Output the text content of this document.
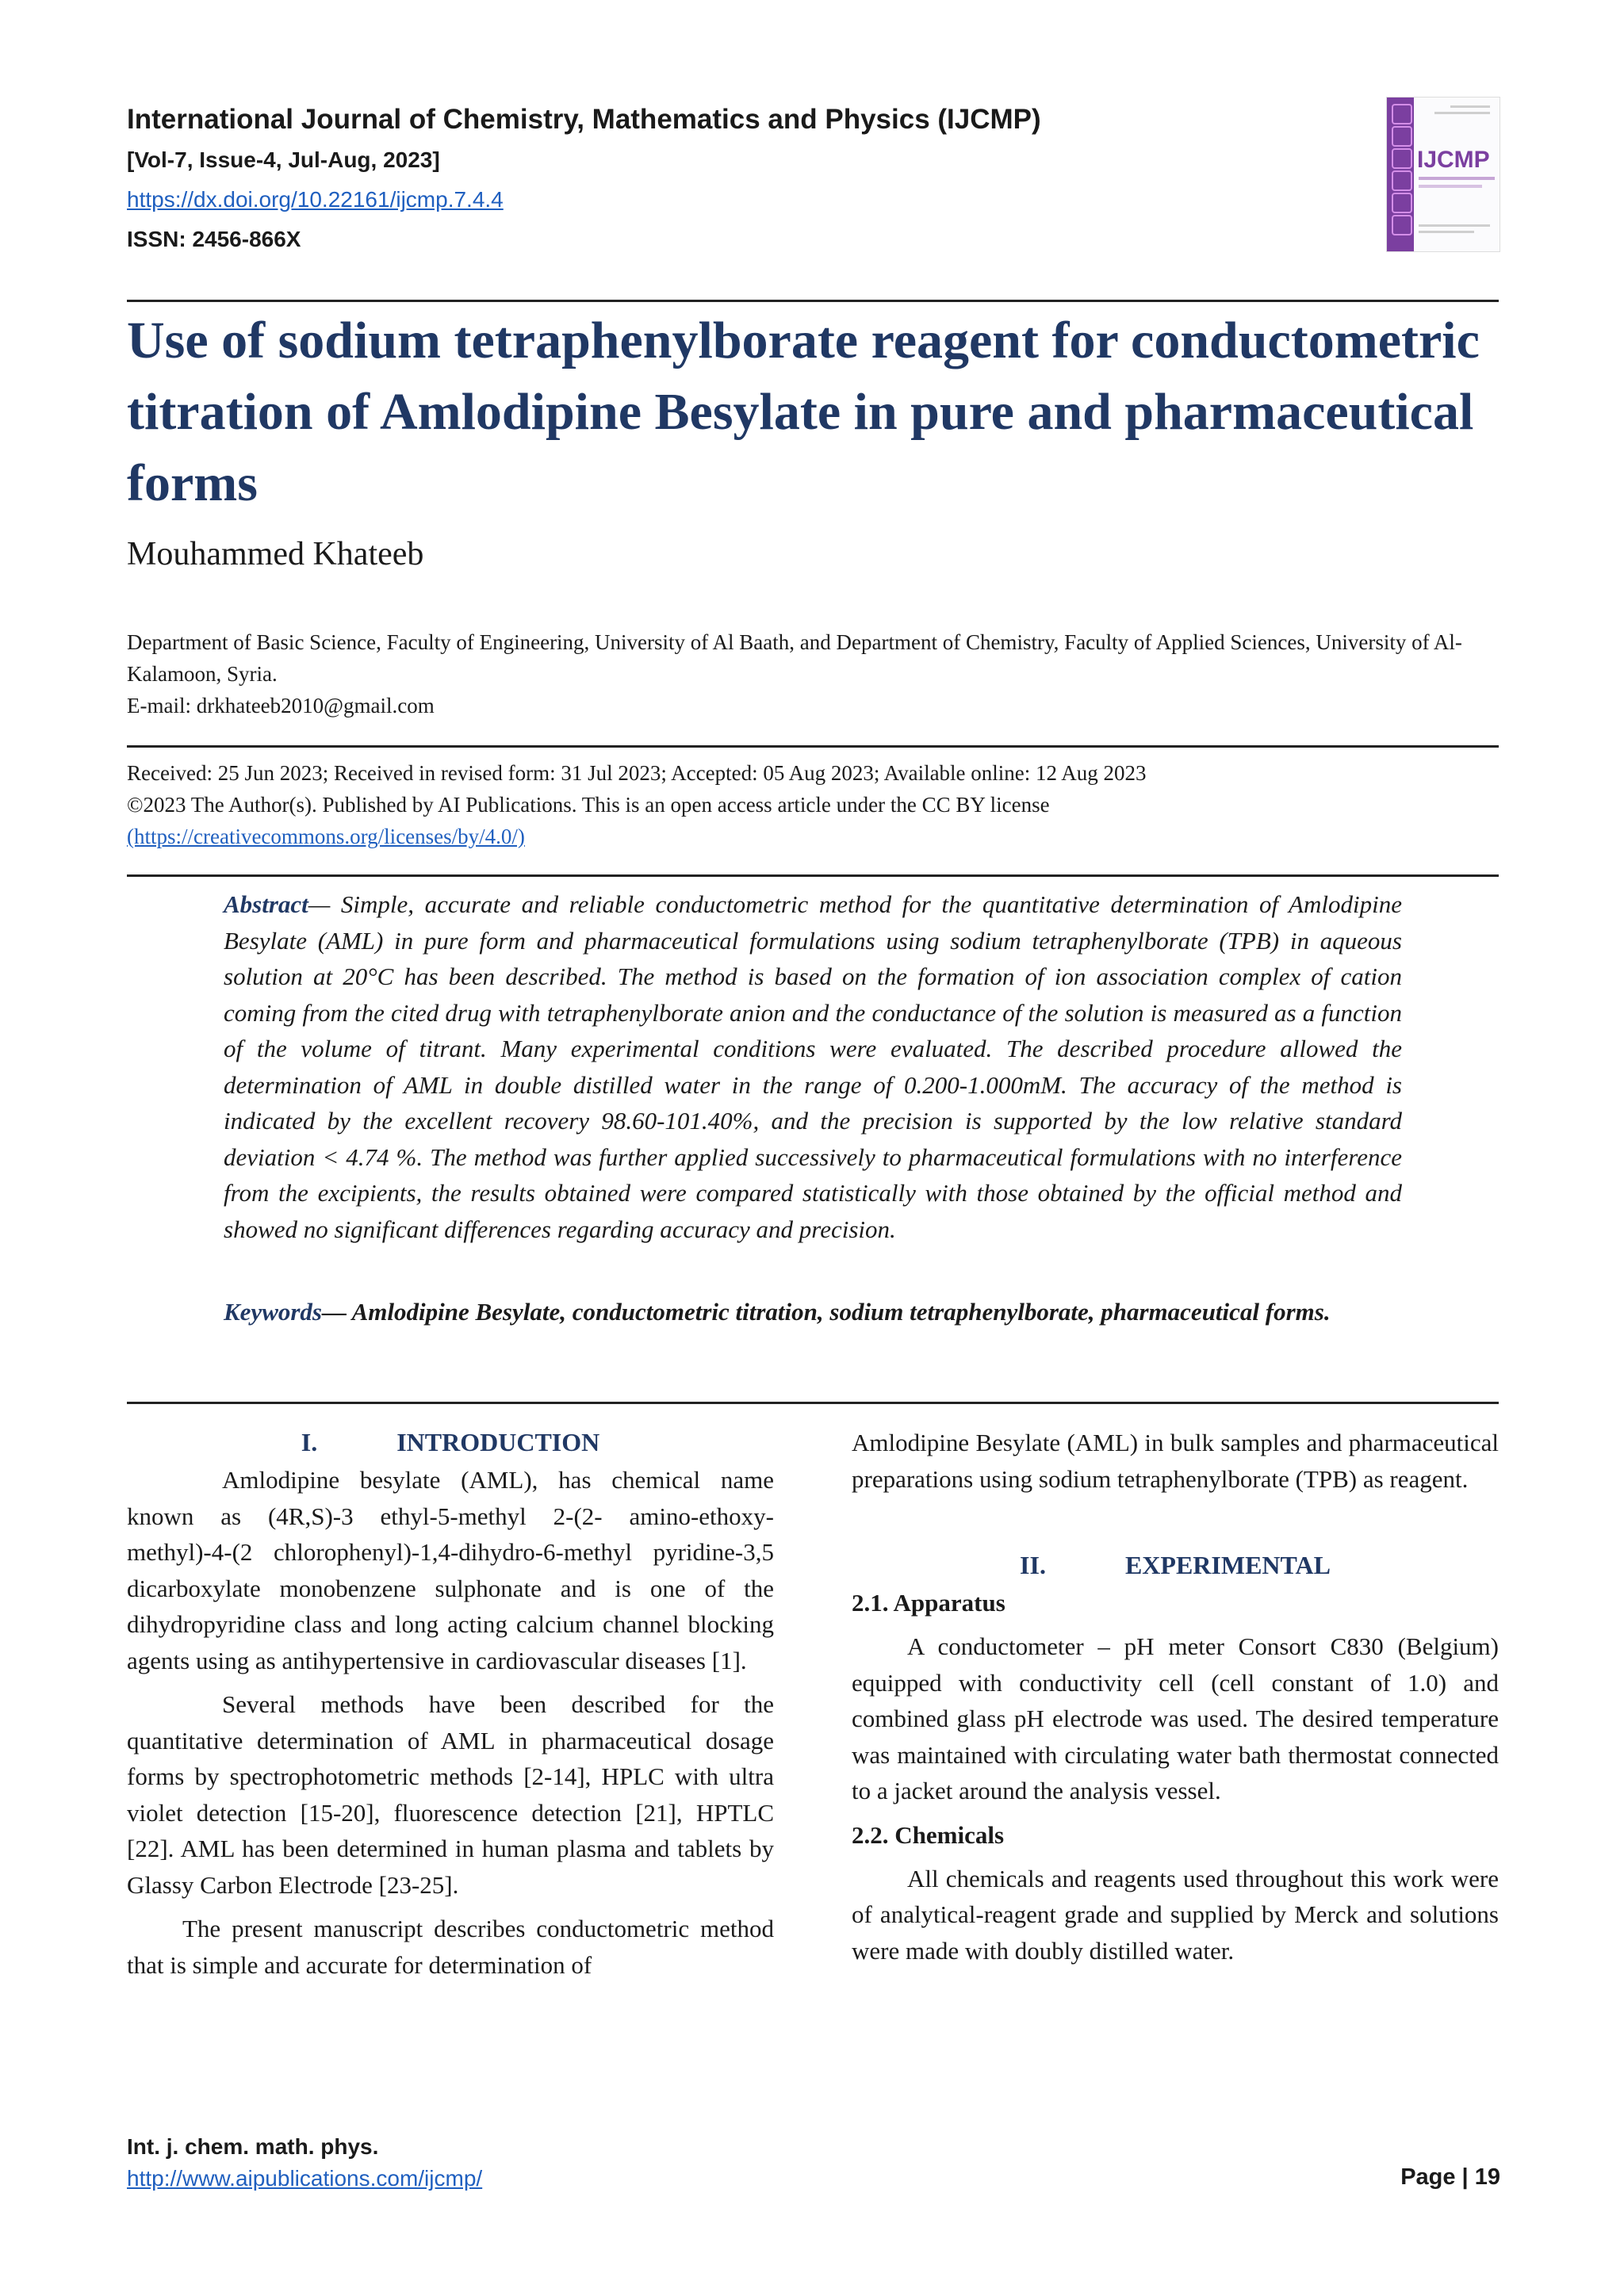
International Journal of Chemistry, Mathematics and Physics (IJCMP)
[Vol-7, Issue-4, Jul-Aug, 2023]
https://dx.doi.org/10.22161/ijcmp.7.4.4
ISSN: 2456-866X
IJCMP
Use of sodium tetraphenylborate reagent for conductometric titration of Amlodipine Besylate in pure and pharmaceutical forms
Mouhammed Khateeb
Department of Basic Science, Faculty of Engineering, University of Al Baath, and Department of Chemistry, Faculty of Applied Sciences, University of Al-Kalamoon, Syria.
E-mail: drkhateeb2010@gmail.com
Received: 25 Jun 2023; Received in revised form: 31 Jul 2023; Accepted: 05 Aug 2023; Available online: 12 Aug 2023
©2023 The Author(s). Published by AI Publications. This is an open access article under the CC BY license
(https://creativecommons.org/licenses/by/4.0/)
Abstract— Simple, accurate and reliable conductometric method for the quantitative determination of Amlodipine Besylate (AML) in pure form and pharmaceutical formulations using sodium tetraphenylborate (TPB) in aqueous solution at 20°C has been described. The method is based on the formation of ion association complex of cation coming from the cited drug with tetraphenylborate anion and the conductance of the solution is measured as a function of the volume of titrant. Many experimental conditions were evaluated. The described procedure allowed the determination of AML in double distilled water in the range of 0.200-1.000mM. The accuracy of the method is indicated by the excellent recovery 98.60-101.40%, and the precision is supported by the low relative standard deviation < 4.74 %. The method was further applied successively to pharmaceutical formulations with no interference from the excipients, the results obtained were compared statistically with those obtained by the official method and showed no significant differences regarding accuracy and precision.
Keywords— Amlodipine Besylate, conductometric titration, sodium tetraphenylborate, pharmaceutical forms.
I.	INTRODUCTION

Amlodipine besylate (AML), has chemical name known as (4R,S)-3 ethyl-5-methyl 2-(2- amino-ethoxy-methyl)-4-(2 chlorophenyl)-1,4-dihydro-6-methyl pyridine-3,5 dicarboxylate monobenzene sulphonate and is one of the dihydropyridine class and long acting calcium channel blocking agents using as antihypertensive in cardiovascular diseases [1].

Several methods have been described for the quantitative determination of AML in pharmaceutical dosage forms by spectrophotometric methods [2-14], HPLC with ultra violet detection [15-20], fluorescence detection [21], HPTLC [22]. AML has been determined in human plasma and tablets by Glassy Carbon Electrode [23-25].

The present manuscript describes conductometric method that is simple and accurate for determination of

Amlodipine Besylate (AML) in bulk samples and pharmaceutical preparations using sodium tetraphenylborate (TPB) as reagent.

II.	EXPERIMENTAL
2.1. Apparatus

A conductometer – pH meter Consort C830 (Belgium) equipped with conductivity cell (cell constant of 1.0) and combined glass pH electrode was used. The desired temperature was maintained with circulating water bath thermostat connected to a jacket around the analysis vessel.

2.2. Chemicals

All chemicals and reagents used throughout this work were of analytical-reagent grade and supplied by Merck and solutions were made with doubly distilled water.

Int. j. chem. math. phys.
http://www.aipublications.com/ijcmp/	Page | 19
